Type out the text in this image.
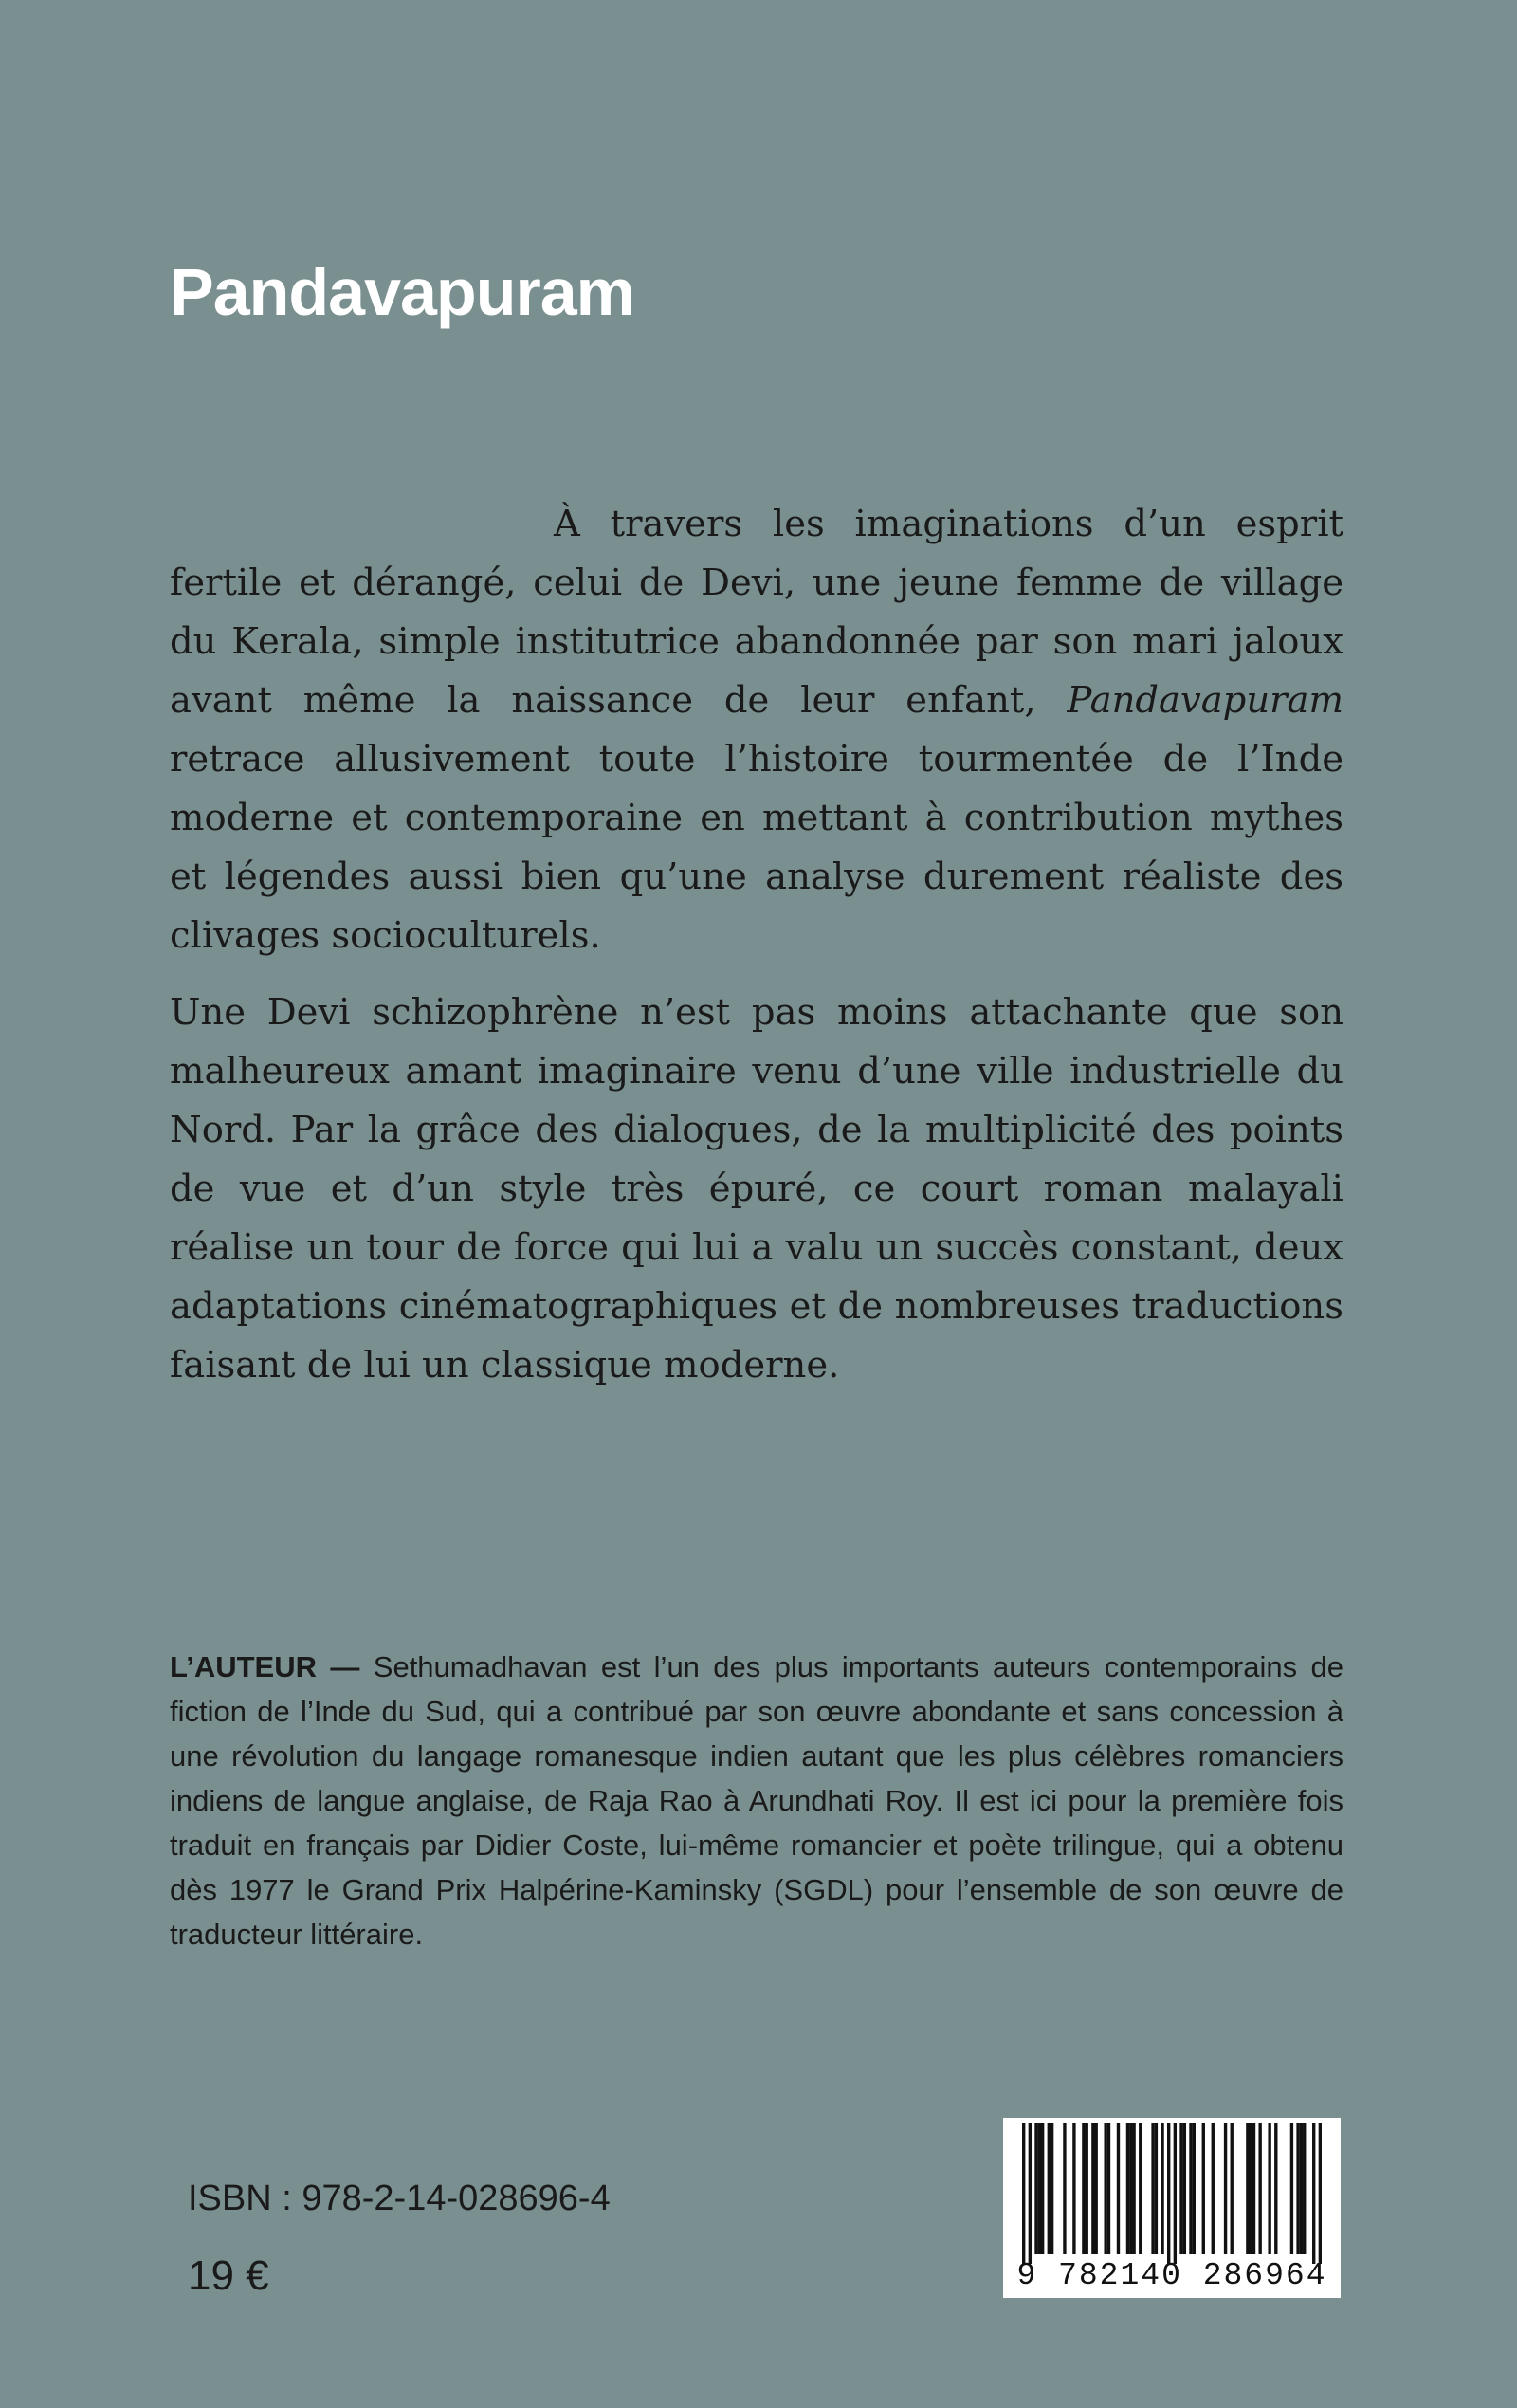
Pandavapuram

À travers les imaginations d’un esprit fertile et dérangé, celui de Devi, une jeune femme de village du Kerala, simple institutrice abandonnée par son mari jaloux avant même la naissance de leur enfant, Pandavapuram retrace allusivement toute l’histoire tourmentée de l’Inde moderne et contemporaine en mettant à contribution mythes et légendes aussi bien qu’une analyse durement réaliste des clivages socioculturels.

Une Devi schizophrène n’est pas moins attachante que son malheureux amant imaginaire venu d’une ville industrielle du Nord. Par la grâce des dialogues, de la multiplicité des points de vue et d’un style très épuré, ce court roman malayali réalise un tour de force qui lui a valu un succès constant, deux adaptations cinématographiques et de nombreuses traductions faisant de lui un classique moderne.

L’AUTEUR — Sethumadhavan est l’un des plus importants auteurs contemporains de fiction de l’Inde du Sud, qui a contribué par son œuvre abondante et sans concession à une révolution du langage romanesque indien autant que les plus célèbres romanciers indiens de langue anglaise, de Raja Rao à Arundhati Roy. Il est ici pour la première fois traduit en français par Didier Coste, lui-même romancier et poète trilingue, qui a obtenu dès 1977 le Grand Prix Halpérine-Kaminsky (SGDL) pour l’ensemble de son œuvre de traducteur littéraire.

ISBN : 978-2-14-028696-4

19 €	9 782140 286964
